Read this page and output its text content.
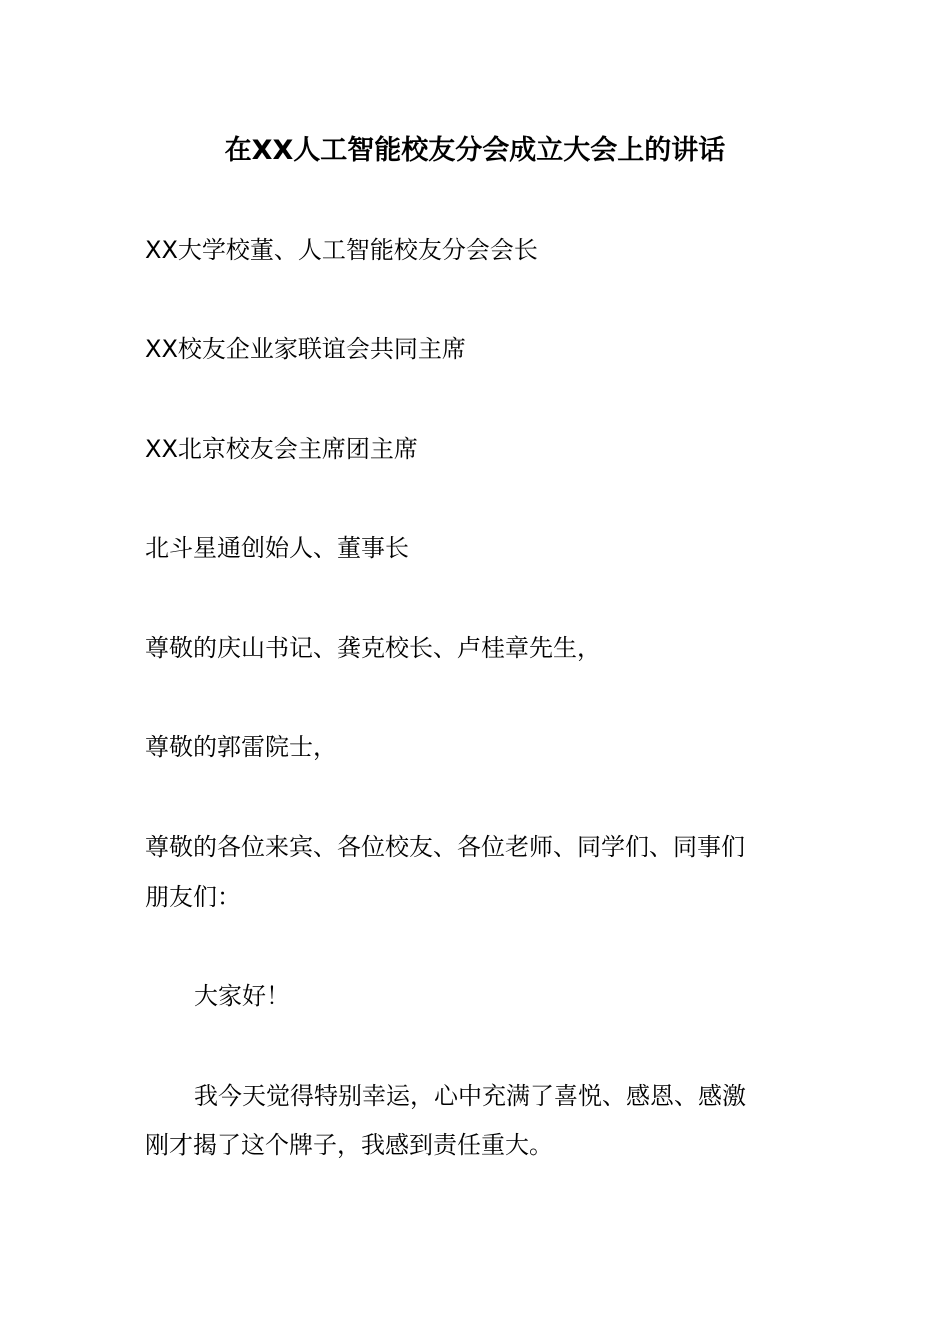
在XX人工智能校友分会成立大会上的讲话
XX大学校董、人工智能校友分会会长
XX校友企业家联谊会共同主席
XX北京校友会主席团主席
北斗星通创始人、董事长
尊敬的庆山书记、龚克校长、卢桂章先生，
尊敬的郭雷院士，
尊敬的各位来宾、各位校友、各位老师、同学们、同事们
朋友们：
大家好！
我今天觉得特别幸运，心中充满了喜悦、感恩、感激
刚才揭了这个牌子，我感到责任重大。
